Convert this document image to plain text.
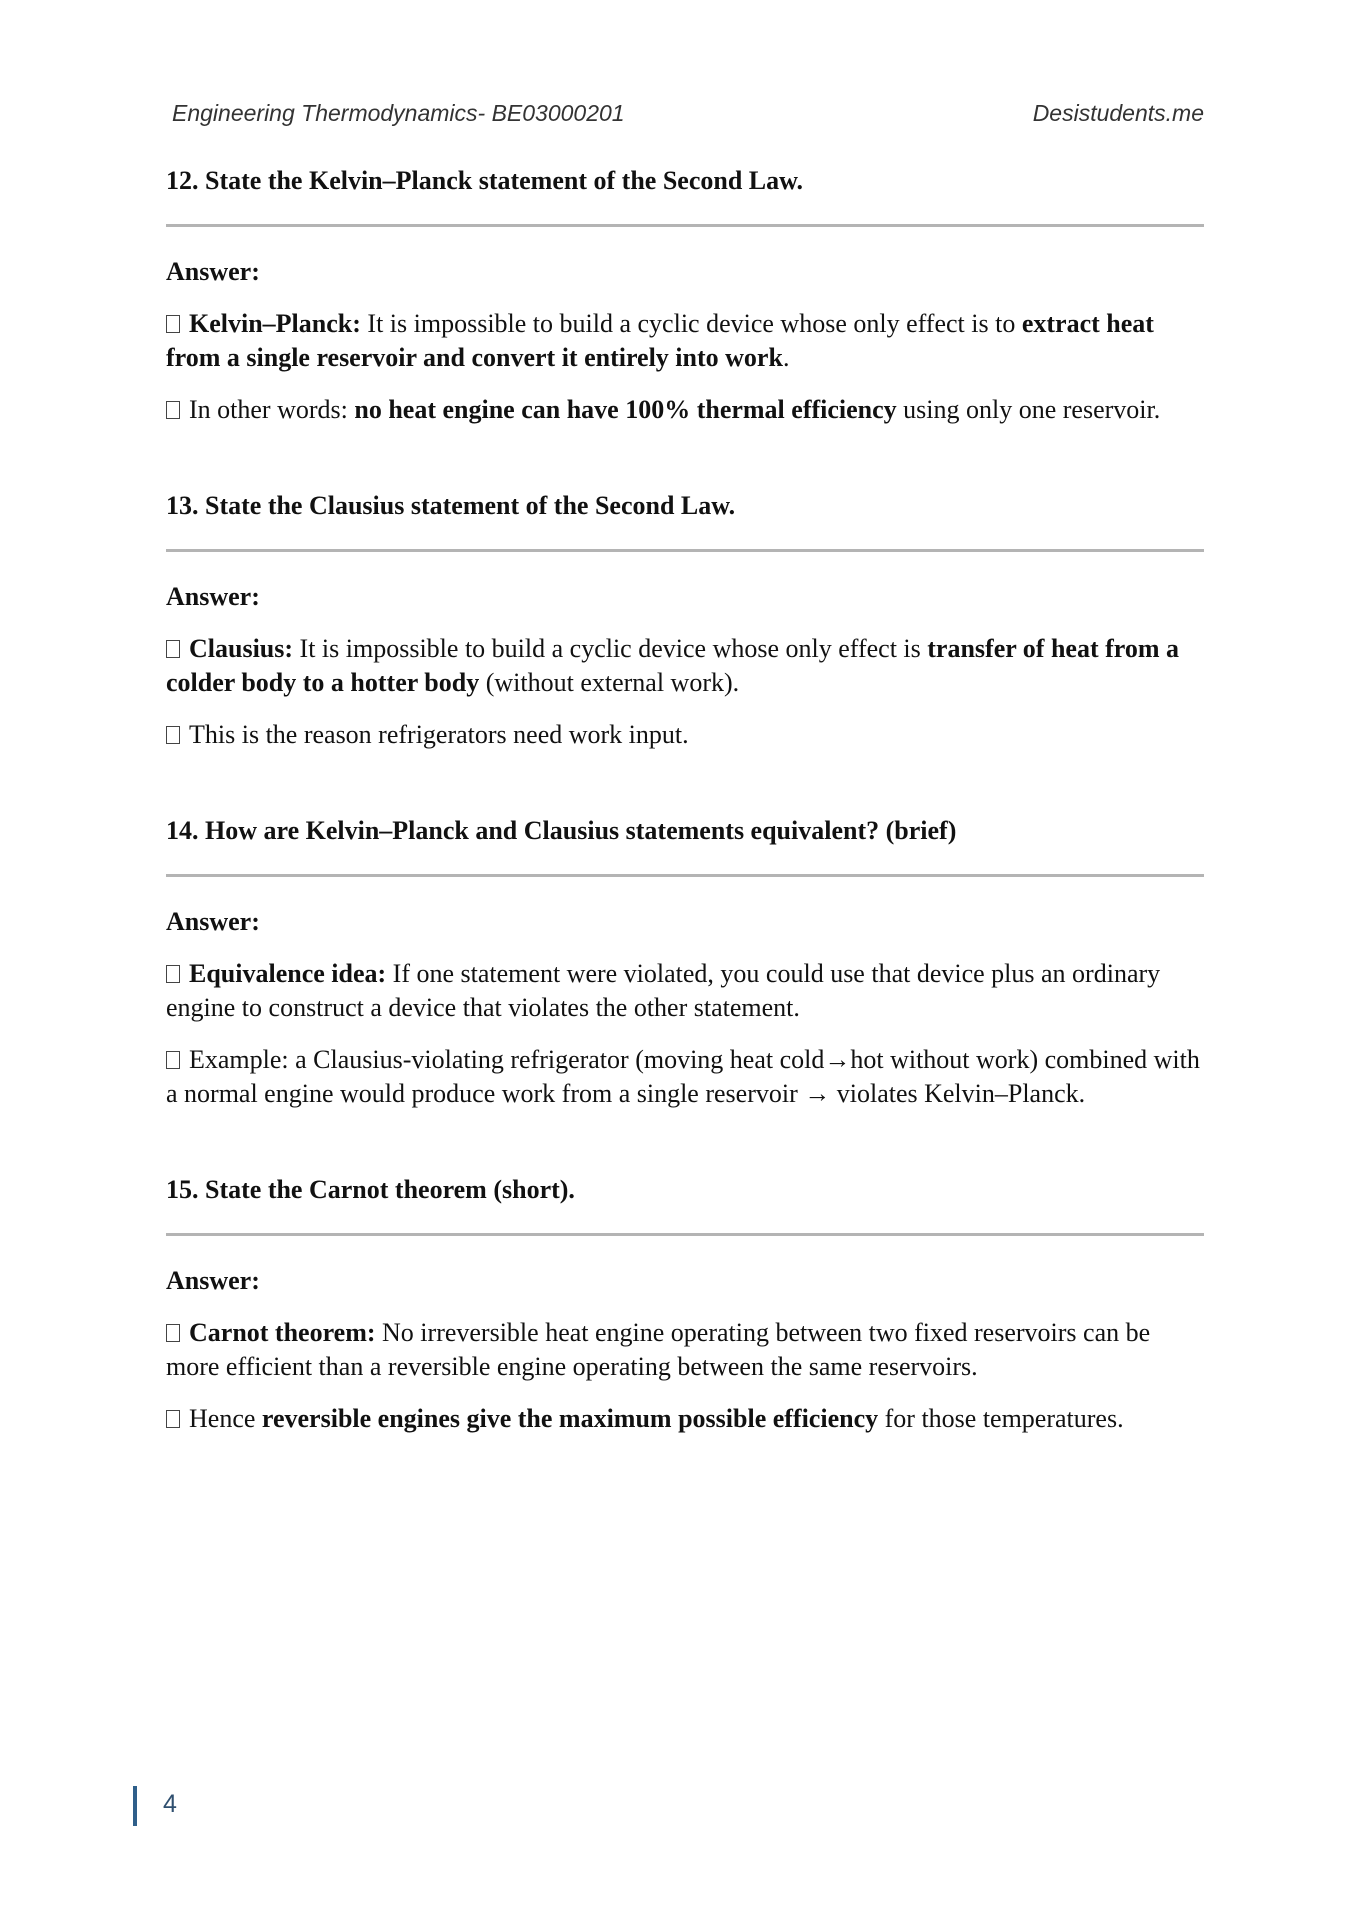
Engineering Thermodynamics- BE03000201	Desistudents.me

12. State the Kelvin–Planck statement of the Second Law.

Answer:

Kelvin–Planck: It is impossible to build a cyclic device whose only effect is to extract heat from a single reservoir and convert it entirely into work.

In other words: no heat engine can have 100% thermal efficiency using only one reservoir.

13. State the Clausius statement of the Second Law.

Answer:

Clausius: It is impossible to build a cyclic device whose only effect is transfer of heat from a colder body to a hotter body (without external work).

This is the reason refrigerators need work input.

14. How are Kelvin–Planck and Clausius statements equivalent? (brief)

Answer:

Equivalence idea: If one statement were violated, you could use that device plus an ordinary engine to construct a device that violates the other statement.

Example: a Clausius-violating refrigerator (moving heat cold→hot without work) combined with a normal engine would produce work from a single reservoir → violates Kelvin–Planck.

15. State the Carnot theorem (short).

Answer:

Carnot theorem: No irreversible heat engine operating between two fixed reservoirs can be more efficient than a reversible engine operating between the same reservoirs.

Hence reversible engines give the maximum possible efficiency for those temperatures.

4
